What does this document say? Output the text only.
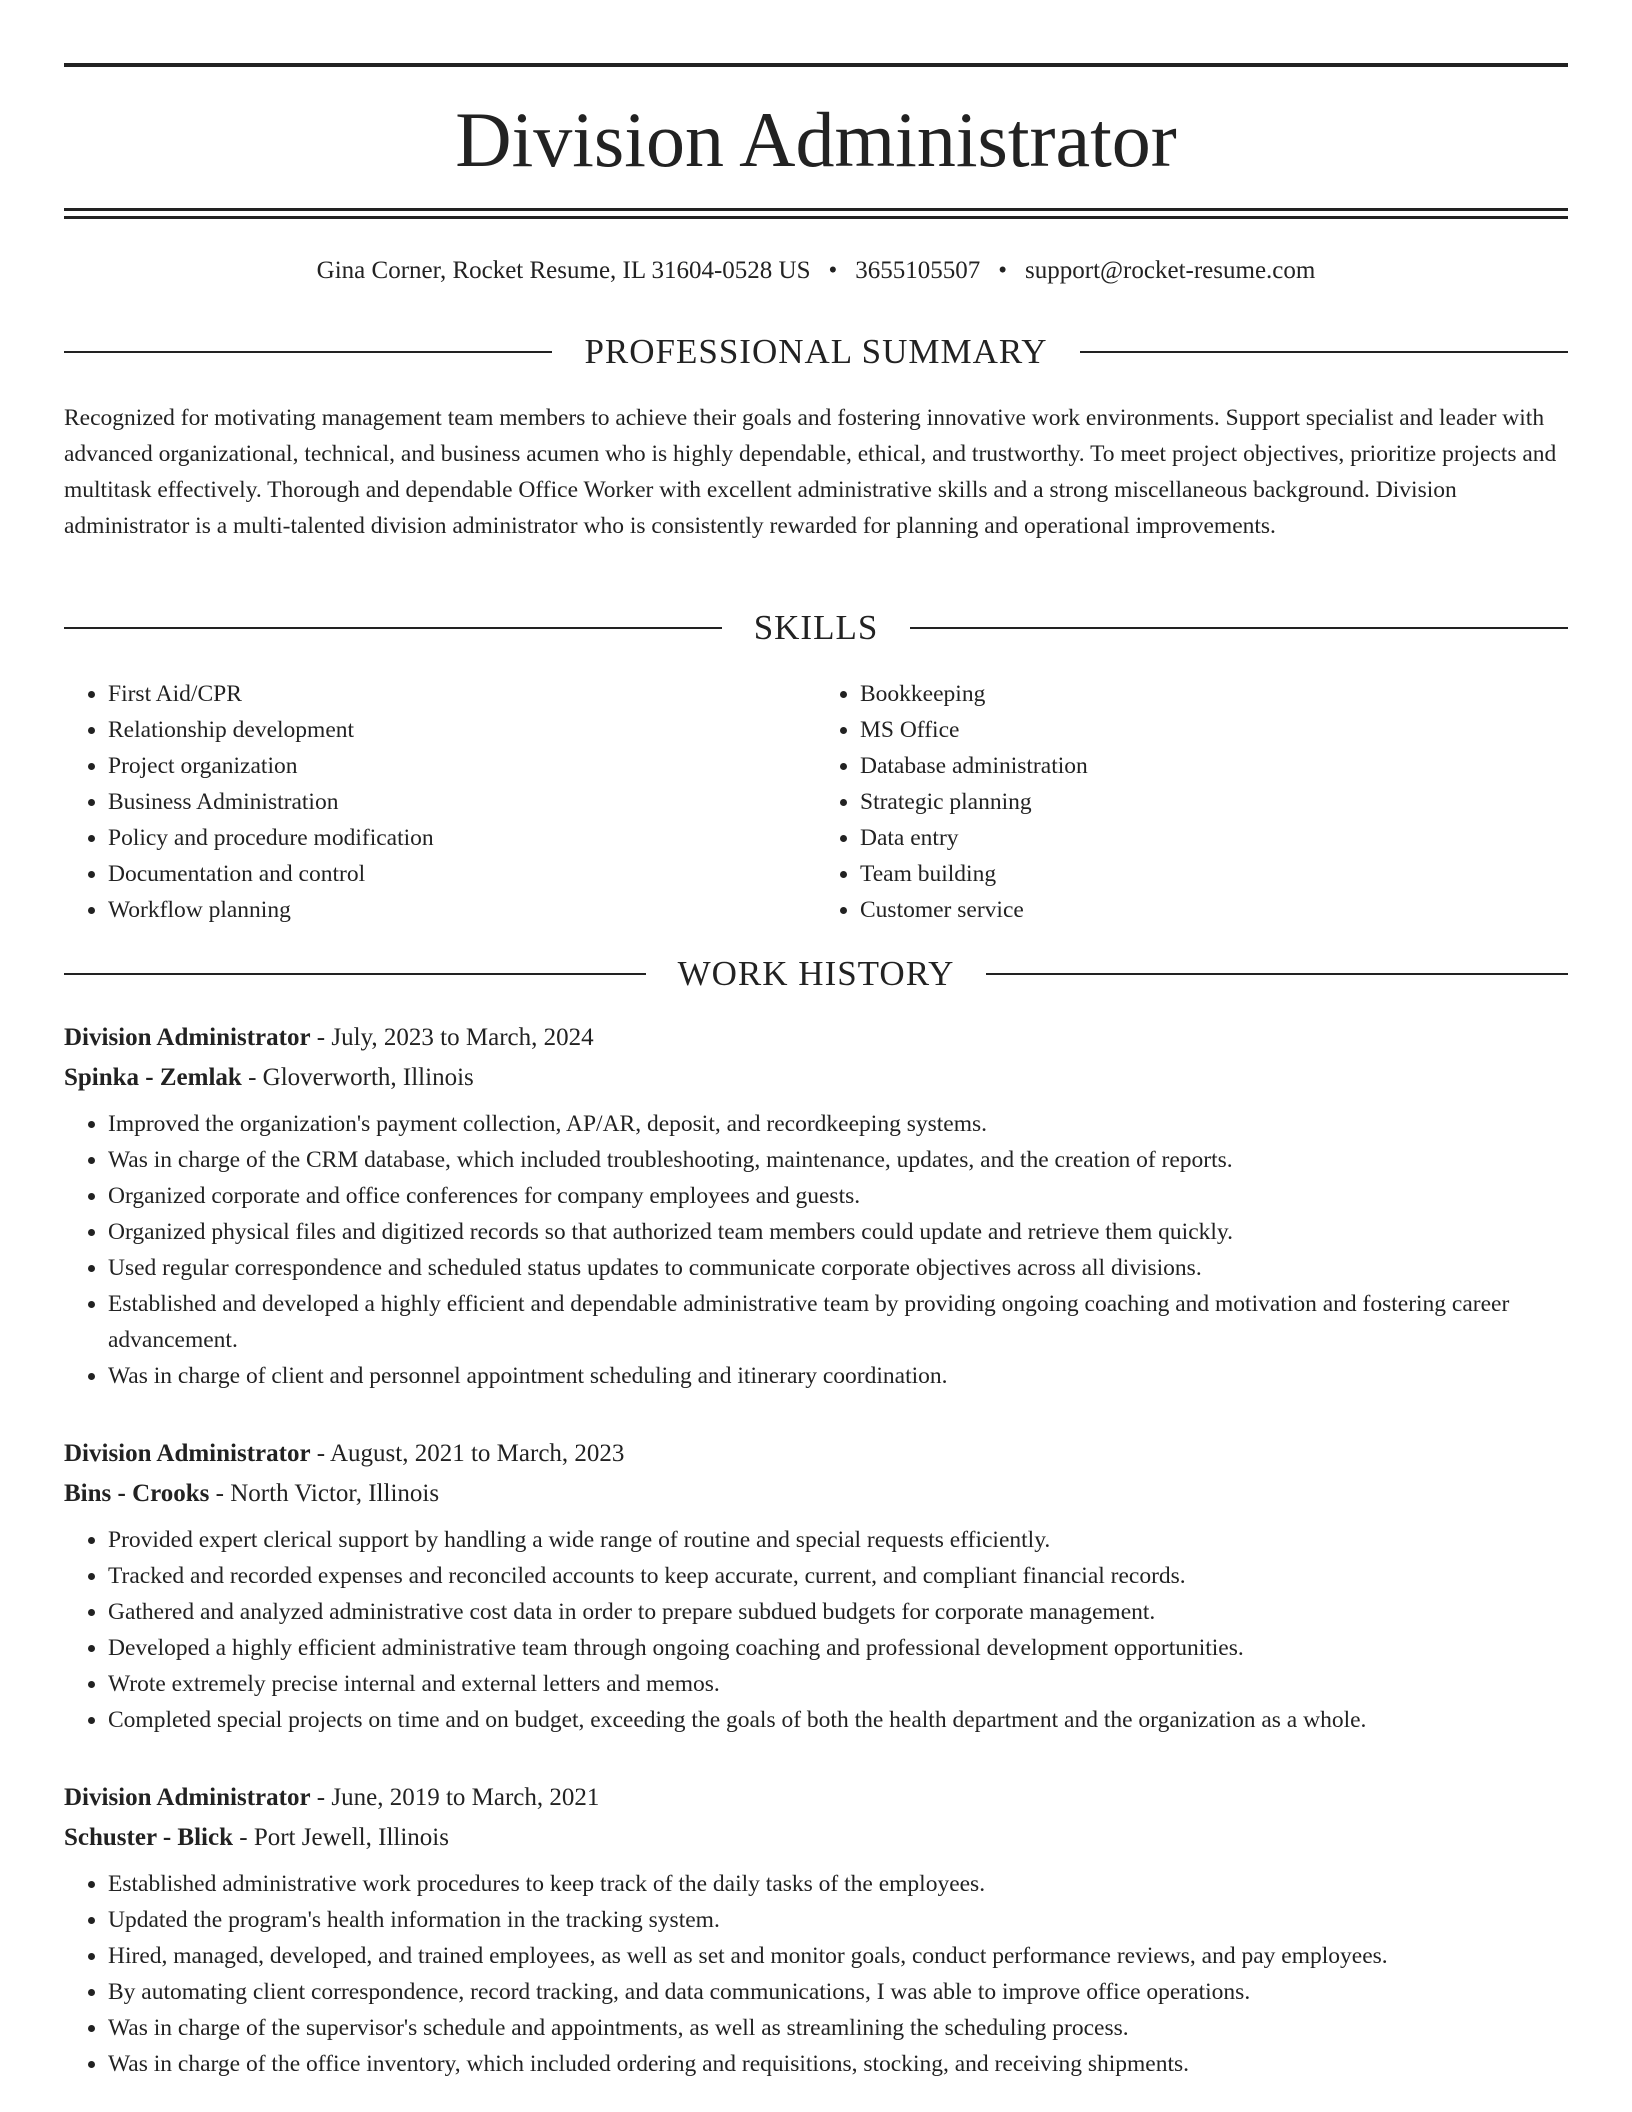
Division Administrator
Gina Corner, Rocket Resume, IL 31604-0528 US • 3655105507 • support@rocket-resume.com
PROFESSIONAL SUMMARY

Recognized for motivating management team members to achieve their goals and fostering innovative work environments. Support specialist and leader with advanced organizational, technical, and business acumen who is highly dependable, ethical, and trustworthy. To meet project objectives, prioritize projects and multitask effectively. Thorough and dependable Office Worker with excellent administrative skills and a strong miscellaneous background. Division administrator is a multi-talented division administrator who is consistently rewarded for planning and operational improvements.

SKILLS
• First Aid/CPR
• Relationship development
• Project organization
• Business Administration
• Policy and procedure modification
• Documentation and control
• Workflow planning
• Bookkeeping
• MS Office
• Database administration
• Strategic planning
• Data entry
• Team building
• Customer service
WORK HISTORY
Division Administrator - July, 2023 to March, 2024
Spinka - Zemlak - Gloverworth, Illinois
• Improved the organization's payment collection, AP/AR, deposit, and recordkeeping systems.
• Was in charge of the CRM database, which included troubleshooting, maintenance, updates, and the creation of reports.
• Organized corporate and office conferences for company employees and guests.
• Organized physical files and digitized records so that authorized team members could update and retrieve them quickly.
• Used regular correspondence and scheduled status updates to communicate corporate objectives across all divisions.
• Established and developed a highly efficient and dependable administrative team by providing ongoing coaching and motivation and fostering career advancement.
• Was in charge of client and personnel appointment scheduling and itinerary coordination.
Division Administrator - August, 2021 to March, 2023
Bins - Crooks - North Victor, Illinois
• Provided expert clerical support by handling a wide range of routine and special requests efficiently.
• Tracked and recorded expenses and reconciled accounts to keep accurate, current, and compliant financial records.
• Gathered and analyzed administrative cost data in order to prepare subdued budgets for corporate management.
• Developed a highly efficient administrative team through ongoing coaching and professional development opportunities.
• Wrote extremely precise internal and external letters and memos.
• Completed special projects on time and on budget, exceeding the goals of both the health department and the organization as a whole.
Division Administrator - June, 2019 to March, 2021
Schuster - Blick - Port Jewell, Illinois
• Established administrative work procedures to keep track of the daily tasks of the employees.
• Updated the program's health information in the tracking system.
• Hired, managed, developed, and trained employees, as well as set and monitor goals, conduct performance reviews, and pay employees.
• By automating client correspondence, record tracking, and data communications, I was able to improve office operations.
• Was in charge of the supervisor's schedule and appointments, as well as streamlining the scheduling process.
• Was in charge of the office inventory, which included ordering and requisitions, stocking, and receiving shipments.
